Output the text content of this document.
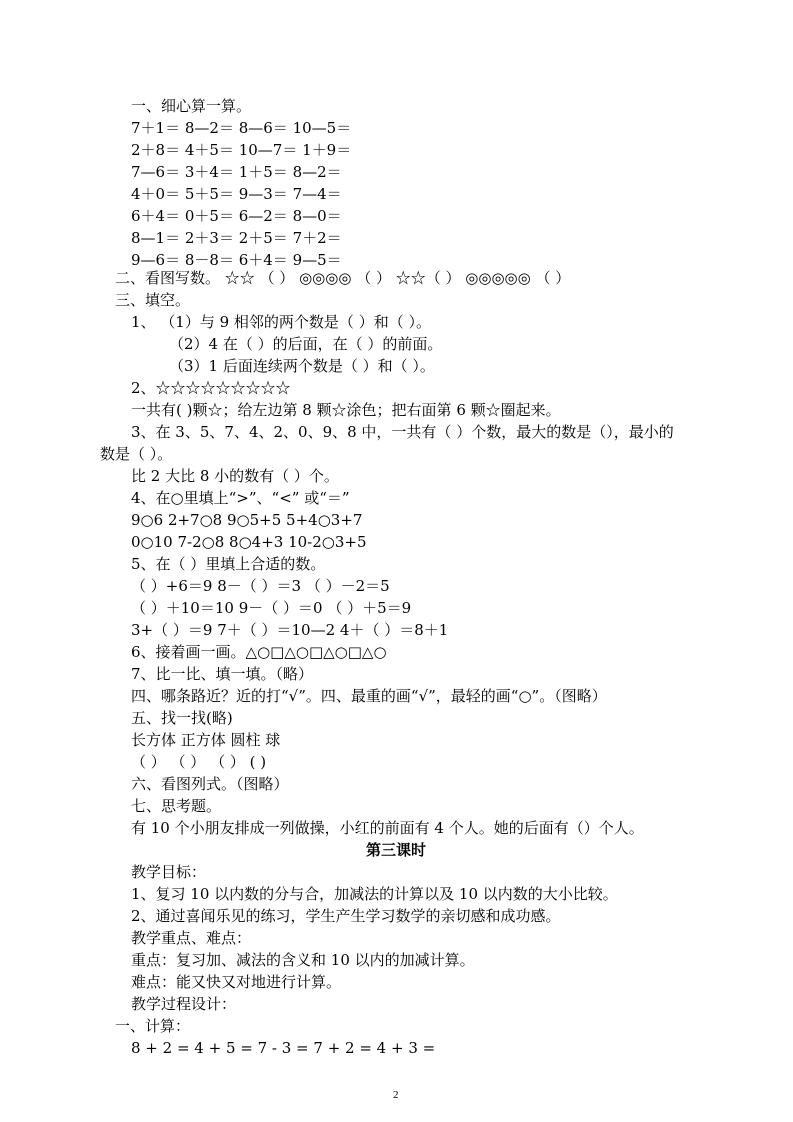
一、细心算一算。
7＋1＝ 8—2＝ 8—6＝ 10—5＝
2＋8＝ 4＋5＝ 10—7＝ 1＋9＝
7—6＝ 3＋4＝ 1＋5＝ 8—2＝
4＋0＝ 5＋5＝ 9—3＝ 7—4＝
6＋4＝ 0＋5＝ 6—2＝ 8—0＝
8—1＝ 2＋3＝ 2＋5＝ 7＋2＝
9—6＝ 8－8＝ 6＋4＝ 9—5＝
二、看图写数。 ☆☆ （ ） ◎◎◎◎ （ ） ☆☆（ ） ◎◎◎◎◎ （ ）
三、填空。
1、 （1）与 9 相邻的两个数是（ ）和（ ）。
（2）4 在（ ）的后面，在（ ）的前面。
（3）1 后面连续两个数是（ ）和（ ）。
2、☆☆☆☆☆☆☆☆☆
一共有( )颗☆；给左边第 8 颗☆涂色；把右面第 6 颗☆圈起来。
3、在 3、5、7、4、2、0、9、8 中，一共有（ ）个数，最大的数是（），最小的
数是（ ）。
比 2 大比 8 小的数有（ ）个。
4、在○里填上“>”、“<” 或“＝”
9○6 2+7○8 9○5+5 5+4○3+7
0○10 7-2○8 8○4+3 10-2○3+5
5、在（ ）里填上合适的数。
（ ）+6＝9 8－（ ）＝3 （ ）－2＝5
（ ）＋10＝10 9－（ ）＝0 （ ）＋5＝9
3+（ ）＝9 7＋（ ）＝10—2 4＋（ ）＝8＋1
6、接着画一画。△○□△○□△○□△○
7、比一比、填一填。（略）
四、哪条路近？近的打“√”。四、最重的画“√”，最轻的画“○”。（图略）
五、找一找(略)
长方体 正方体 圆柱 球
（ ） （ ） （ ） ( )
六、看图列式。（图略）
七、思考题。
有 10 个小朋友排成一列做操，小红的前面有 4 个人。她的后面有（）个人。
第三课时
教学目标：
1、复习 10 以内数的分与合，加减法的计算以及 10 以内数的大小比较。
2、通过喜闻乐见的练习，学生产生学习数学的亲切感和成功感。
教学重点、难点：
重点：复习加、减法的含义和 10 以内的加减计算。
难点：能又快又对地进行计算。
教学过程设计：
一、计算：
8 + 2 = 4 + 5 = 7 - 3 = 7 + 2 = 4 + 3 =
2
